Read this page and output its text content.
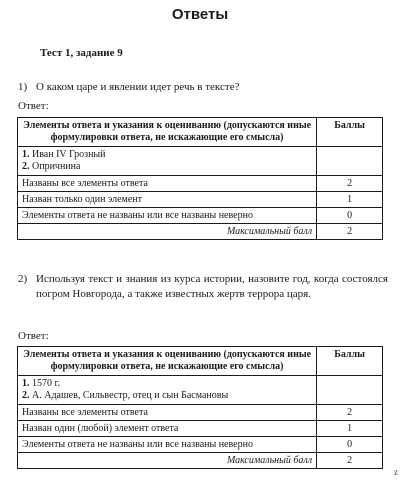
Ответы
Тест 1, задание 9
1) О каком царе и явлении идет речь в тексте?
Ответ:
Элементы ответа и указания к оцениванию (допускаются иные формулировки ответа, не искажающие его смысла)	Баллы

1. Иван IV Грозный
2. Опричнина	

Названы все элементы ответа	2
Назван только один элемент	1
Элементы ответа не названы или все названы неверно	0
Максимальный балл	2
2) Используя текст и знания из курса истории, назовите год, когда состоялся погром Новгорода, а также известных жертв террора царя.
Ответ:
Элементы ответа и указания к оцениванию (допускаются иные формулировки ответа, не искажающие его смысла)	Баллы

1. 1570 г.
2. А. Адашев, Сильвестр, отец и сын Басмановы	

Названы все элементы ответа	2
Назван один (любой) элемент ответа	1
Элементы ответа не названы или все названы неверно	0
Максимальный балл	2
z
